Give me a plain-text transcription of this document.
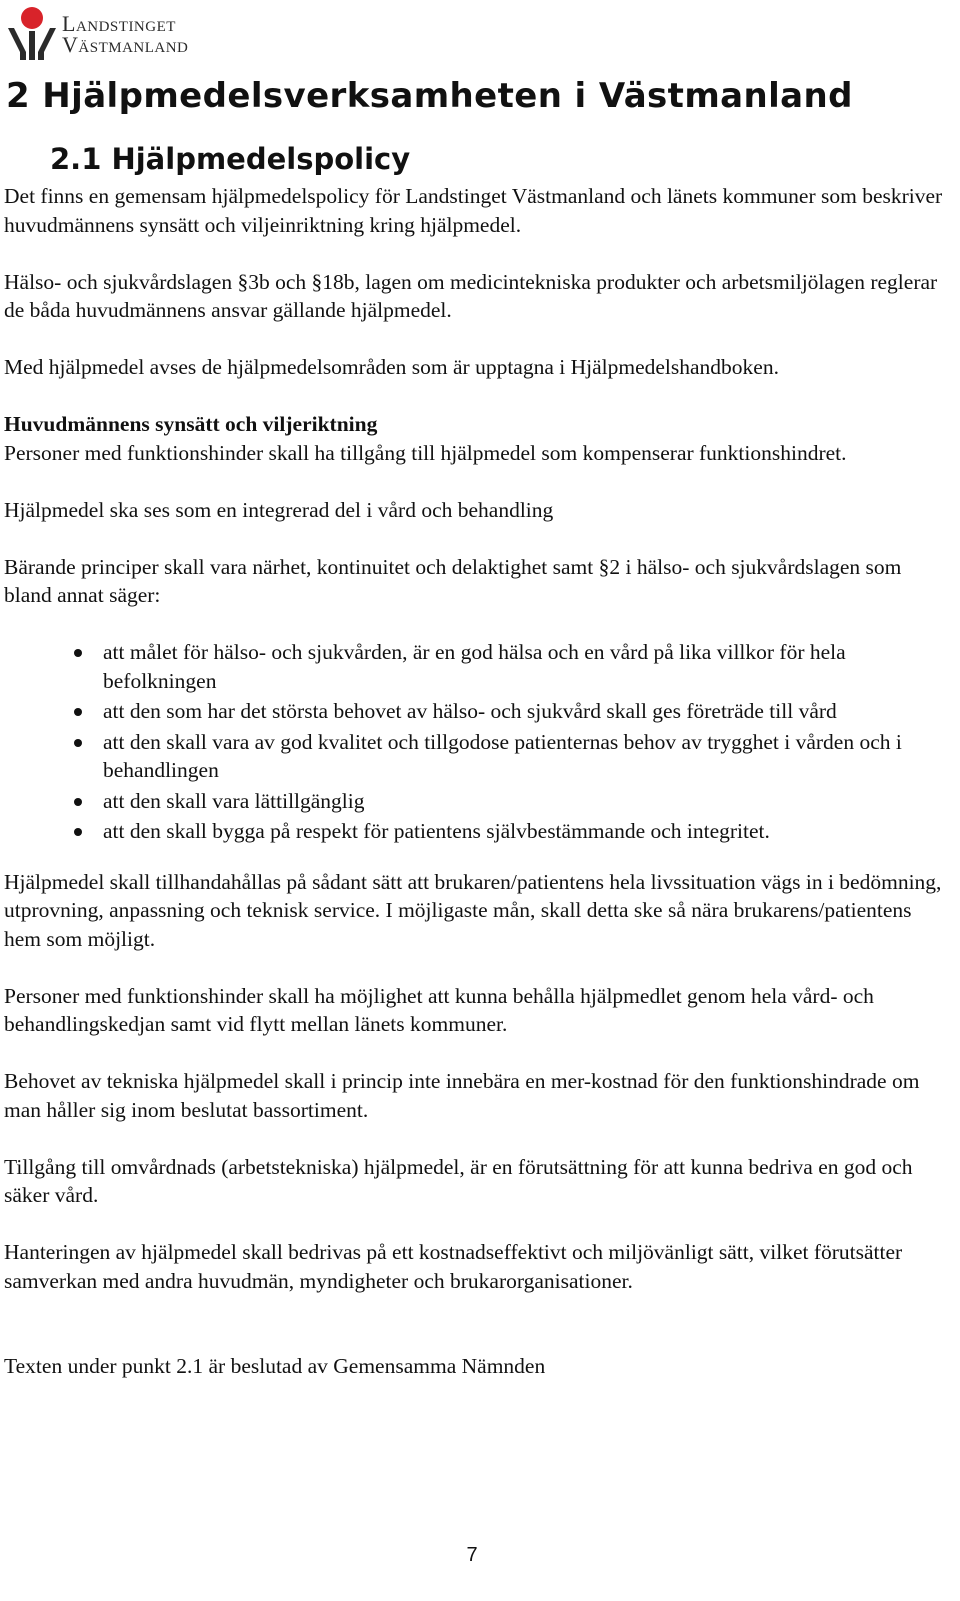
Landstinget
Västmanland
2 Hjälpmedelsverksamheten i Västmanland
2.1 Hjälpmedelspolicy

Det finns en gemensam hjälpmedelspolicy för Landstinget Västmanland och länets kommuner som beskriver huvudmännens synsätt och viljeinriktning kring hjälpmedel.

Hälso- och sjukvårdslagen §3b och §18b, lagen om medicintekniska produkter och arbetsmiljölagen reglerar de båda huvudmännens ansvar gällande hjälpmedel.

Med hjälpmedel avses de hjälpmedelsområden som är upptagna i Hjälpmedelshandboken.

Huvudmännens synsätt och viljeriktning

Personer med funktionshinder skall ha tillgång till hjälpmedel som kompenserar funktionshindret.

Hjälpmedel ska ses som en integrerad del i vård och behandling

Bärande principer skall vara närhet, kontinuitet och delaktighet samt §2 i hälso- och sjukvårdslagen som bland annat säger:

att målet för hälso- och sjukvården, är en god hälsa och en vård på lika villkor för hela befolkningen
att den som har det största behovet av hälso- och sjukvård skall ges företräde till vård
att den skall vara av god kvalitet och tillgodose patienternas behov av trygghet i vården och i behandlingen
att den skall vara lättillgänglig
att den skall bygga på respekt för patientens självbestämmande och integritet.

Hjälpmedel skall tillhandahållas på sådant sätt att brukaren/patientens hela livssituation vägs in i bedömning, utprovning, anpassning och teknisk service. I möjligaste mån, skall detta ske så nära brukarens/patientens hem som möjligt.

Personer med funktionshinder skall ha möjlighet att kunna behålla hjälpmedlet genom hela vård- och behandlingskedjan samt vid flytt mellan länets kommuner.

Behovet av tekniska hjälpmedel skall i princip inte innebära en mer-kostnad för den funktionshindrade om man håller sig inom beslutat bassortiment.

Tillgång till omvårdnads (arbetstekniska) hjälpmedel, är en förutsättning för att kunna bedriva en god och säker vård.

Hanteringen av hjälpmedel skall bedrivas på ett kostnadseffektivt och miljövänligt sätt, vilket förutsätter samverkan med andra huvudmän, myndigheter och brukarorganisationer.

Texten under punkt 2.1 är beslutad av Gemensamma Nämnden

7
